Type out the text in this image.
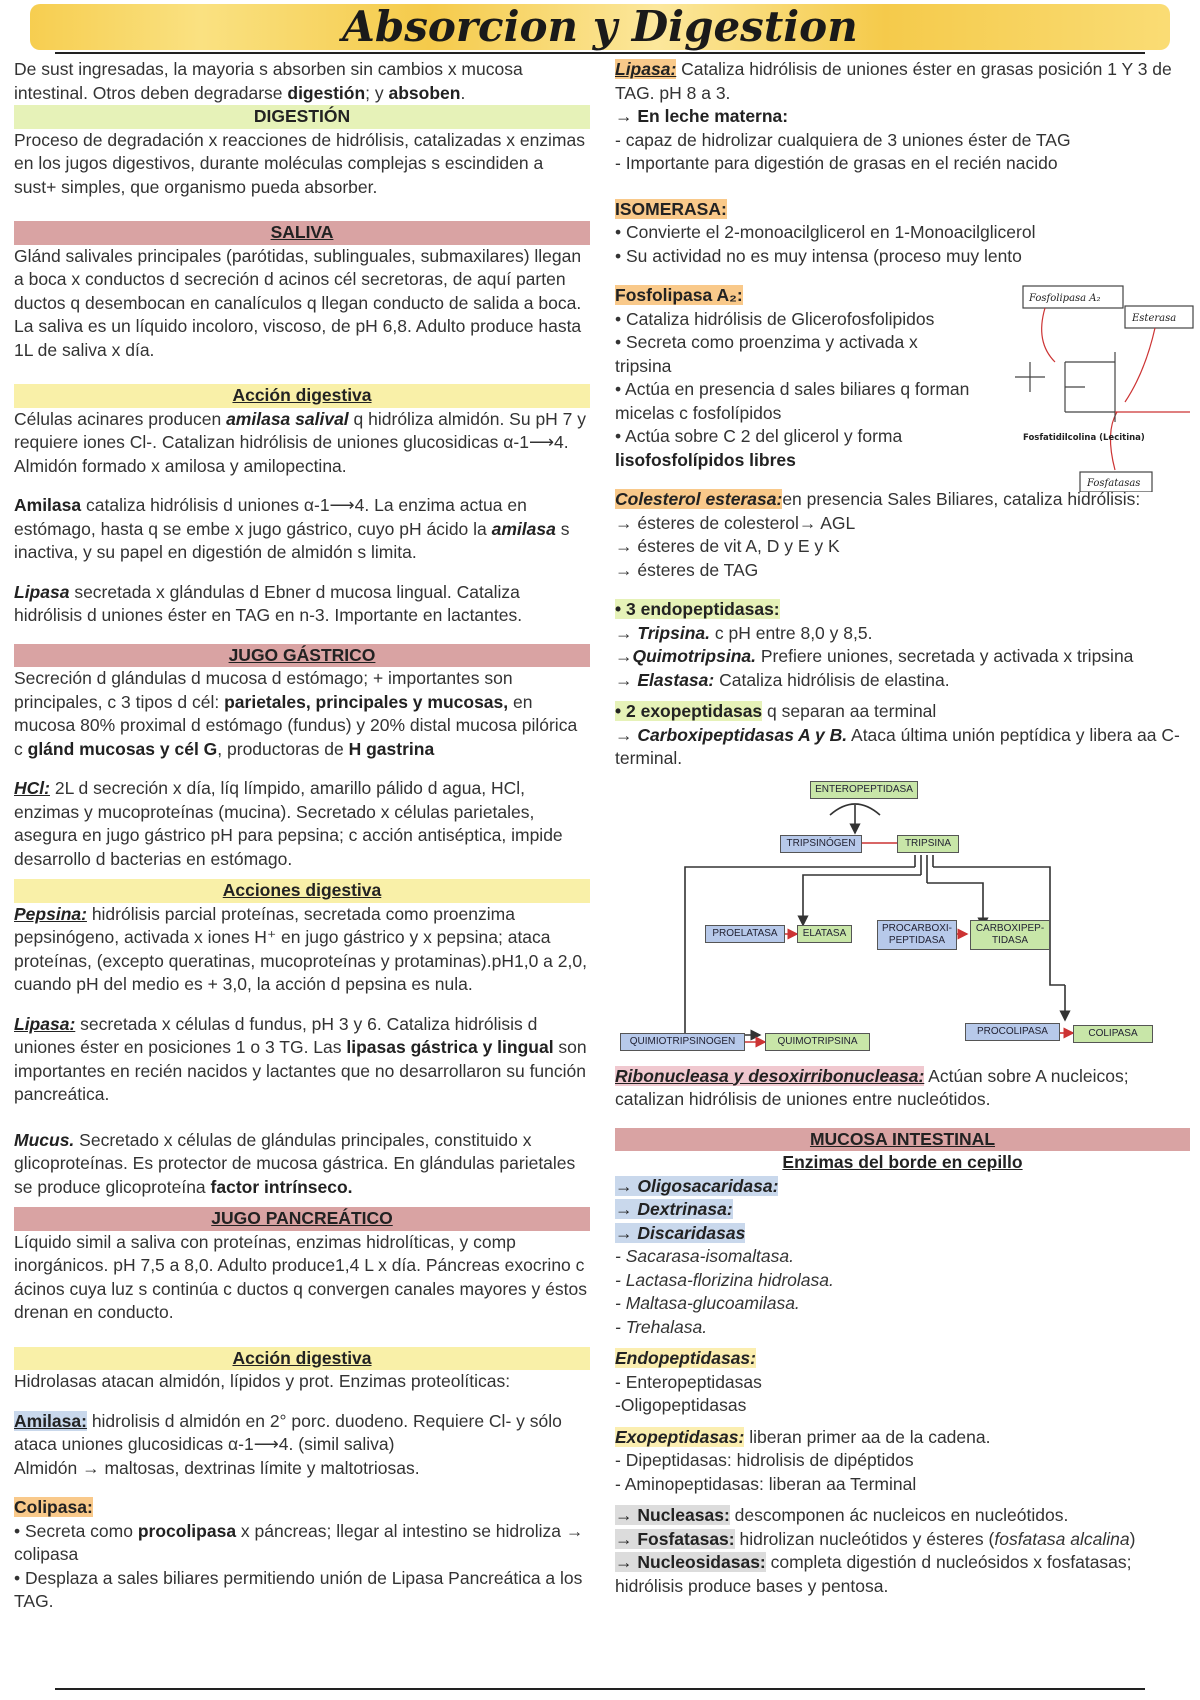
Absorcion y Digestion

De sust ingresadas, la mayoria s absorben sin cambios x mucosa intestinal. Otros deben degradarse digestión; y absoben.

DIGESTIÓN

Proceso de degradación x reacciones de hidrólisis, catalizadas x enzimas en los jugos digestivos, durante moléculas complejas s escindiden a sust+ simples, que organismo pueda absorber.

SALIVA

Glánd salivales principales (parótidas, sublinguales, submaxilares) llegan a boca x conductos d secreción d acinos cél secretoras, de aquí parten ductos q desembocan en canalículos q llegan conducto de salida a boca. La saliva es un líquido incoloro, viscoso, de pH 6,8. Adulto produce hasta 1L de saliva x día.

Acción digestiva

Células acinares producen amilasa salival q hidróliza almidón. Su pH 7 y requiere iones Cl-. Catalizan hidrólisis de uniones glucosidicas α-1⟶4. Almidón formado x amilosa y amilopectina.

Amilasa cataliza hidrólisis d uniones α-1⟶4. La enzima actua en estómago, hasta q se embe x jugo gástrico, cuyo pH ácido la amilasa s inactiva, y su papel en digestión de almidón s limita.

Lipasa secretada x glándulas d Ebner d mucosa lingual. Cataliza hidrólisis d uniones éster en TAG en n-3. Importante en lactantes.

JUGO GÁSTRICO

Secreción d glándulas d mucosa d estómago; + importantes son principales, c 3 tipos d cél: parietales, principales y mucosas, en mucosa 80% proximal d estómago (fundus) y 20% distal mucosa pilórica c glánd mucosas y cél G, productoras de H gastrina

HCl: 2L d secreción x día, líq límpido, amarillo pálido d agua, HCl, enzimas y mucoproteínas (mucina). Secretado x células parietales, asegura en jugo gástrico pH para pepsina; c acción antiséptica, impide desarrollo d bacterias en estómago.

Acciones digestiva

Pepsina: hidrólisis parcial proteínas, secretada como proenzima pepsinógeno, activada x iones H⁺ en jugo gástrico y x pepsina; ataca proteínas, (excepto queratinas, mucoproteínas y protaminas).pH1,0 a 2,0, cuando pH del medio es + 3,0, la acción d pepsina es nula.

Lipasa: secretada x células d fundus, pH 3 y 6. Cataliza hidrólisis d uniones éster en posiciones 1 o 3 TG. Las lipasas gástrica y lingual son importantes en recién nacidos y lactantes que no desarrollaron su función pancreática.

Mucus. Secretado x células de glándulas principales, constituido x glicoproteínas. Es protector de mucosa gástrica. En glándulas parietales se produce glicoproteína factor intrínseco.

JUGO PANCREÁTICO

Líquido simil a saliva con proteínas, enzimas hidrolíticas, y comp inorgánicos. pH 7,5 a 8,0. Adulto produce1,4 L x día. Páncreas exocrino c ácinos cuya luz s continúa c ductos q convergen canales mayores y éstos drenan en conducto.

Acción digestiva

Hidrolasas atacan almidón, lípidos y prot. Enzimas proteolíticas:

Amilasa: hidrolisis d almidón en 2° porc. duodeno. Requiere Cl- y sólo ataca uniones glucosidicas α-1⟶4. (simil saliva)
Almidón → maltosas, dextrinas límite y maltotriosas.

Colipasa:

• Secreta como procolipasa x páncreas; llegar al intestino se hidroliza → colipasa

• Desplaza a sales biliares permitiendo unión de Lipasa Pancreática a los TAG.

Lipasa: Cataliza hidrólisis de uniones éster en grasas posición 1 Y 3 de TAG. pH 8 a 3.

→ En leche materna:

- capaz de hidrolizar cualquiera de 3 uniones éster de TAG

- Importante para digestión de grasas en el recién nacido

ISOMERASA:

• Convierte el 2-monoacilglicerol en 1-Monoacilglicerol

• Su actividad no es muy intensa (proceso muy lento

Fosfolipasa A₂:

• Cataliza hidrólisis de Glicerofosfolipidos

• Secreta como proenzima y activada x tripsina

• Actúa en presencia d sales biliares q forman micelas c fosfolípidos

• Actúa sobre C 2 del glicerol y forma

lisofosfolípidos libres

Colesterol esterasa:en presencia Sales Biliares, cataliza hidrólisis:

→ ésteres de colesterol→ AGL

→ ésteres de vit A, D y E y K

→ ésteres de TAG

• 3 endopeptidasas:

→ Tripsina. c pH entre 8,0 y 8,5.

→Quimotripsina. Prefiere uniones, secretada y activada x tripsina

→ Elastasa: Cataliza hidrólisis de elastina.

• 2 exopeptidasas q separan aa terminal

→ Carboxipeptidasas A y B. Ataca última unión peptídica y libera aa C-terminal.

ENTEROPEPTIDASA
TRIPSINÓGEN	TRIPSINA
PROELATASA	ELATASA	PROCARBOXI-PEPTIDASA
CARBOXIPEP-TIDASA
QUIMIOTRIPSINOGEN	QUIMOTRIPSINA
PROCOLIPASA	COLIPASA

Ribonucleasa y desoxirribonucleasa: Actúan sobre A nucleicos; catalizan hidrólisis de uniones entre nucleótidos.

MUCOSA INTESTINAL

Enzimas del borde en cepillo

→ Oligosacaridasa:
→ Dextrinasa:
→ Discaridasas

- Sacarasa-isomaltasa.

- Lactasa-florizina hidrolasa.

- Maltasa-glucoamilasa.

- Trehalasa.

Endopeptidasas:

- Enteropeptidasas

-Oligopeptidasas

Exopeptidasas: liberan primer aa de la cadena.

- Dipeptidasas: hidrolisis de dipéptidos

- Aminopeptidasas: liberan aa Terminal

→ Nucleasas: descomponen ác nucleicos en nucleótidos.

→ Fosfatasas: hidrolizan nucleótidos y ésteres (fosfatasa alcalina)

→ Nucleosidasas: completa digestión d nucleósidos x fosfatasas; hidrólisis produce bases y pentosa.

Fosfolipasa A₂
Esterasa
Fosfatidilcolina (Lecitina)
Fosfatasas
